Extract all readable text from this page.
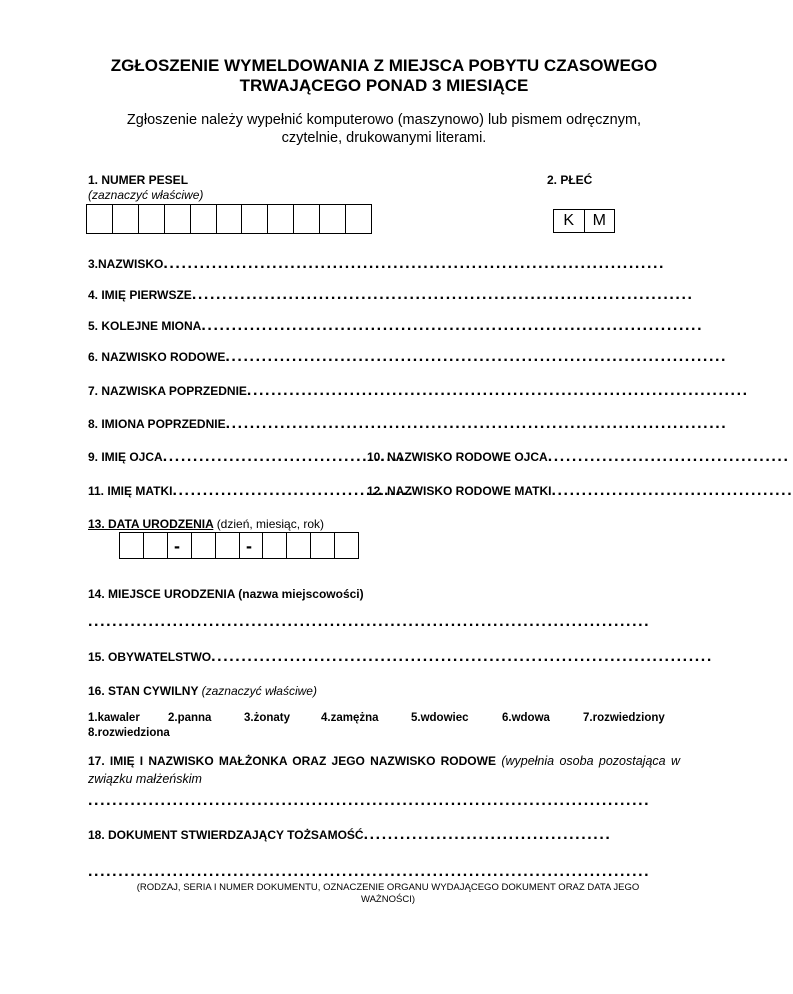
ZGŁOSZENIE WYMELDOWANIA Z MIEJSCA POBYTU CZASOWEGO
TRWAJĄCEGO PONAD 3 MIESIĄCE
Zgłoszenie należy wypełnić komputerowo (maszynowo) lub pismem odręcznym,
czytelnie, drukowanymi literami.
1. NUMER PESEL
(zaznaczyć właściwe)
2. PŁEĆ
K	M
3.NAZWISKO ...................................................................................
4. IMIĘ PIERWSZE ...................................................................................
5. KOLEJNE MIONA ...................................................................................
6. NAZWISKO RODOWE ...................................................................................
7. NAZWISKA POPRZEDNIE ...................................................................................
8. IMIONA POPRZEDNIE ...................................................................................
9. IMIĘ OJCA ........................................
10. NAZWISKO RODOWE OJCA ........................................
11. IMIĘ MATKI ........................................
12. NAZWISKO RODOWE MATKI ........................................
13. DATA URODZENIA (dzień, miesiąc, rok)
-	-
14. MIEJSCE URODZENIA (nazwa miejscowości)
.............................................................................................
15. OBYWATELSTWO ...................................................................................
16. STAN CYWILNY (zaznaczyć właściwe)
1.kawaler 2.panna	3.żonaty	4.zamężna	5.wdowiec	6.wdowa	7.rozwiedziony
8.rozwiedziona
17. IMIĘ I NAZWISKO MAŁŻONKA ORAZ JEGO NAZWISKO RODOWE (wypełnia osoba pozostająca w związku małżeńskim
.............................................................................................
18. DOKUMENT STWIERDZAJĄCY TOŻSAMOŚĆ .........................................
.............................................................................................
(RODZAJ, SERIA I NUMER DOKUMENTU, OZNACZENIE ORGANU WYDAJĄCEGO DOKUMENT ORAZ DATA JEGO
WAŻNOŚCI)
